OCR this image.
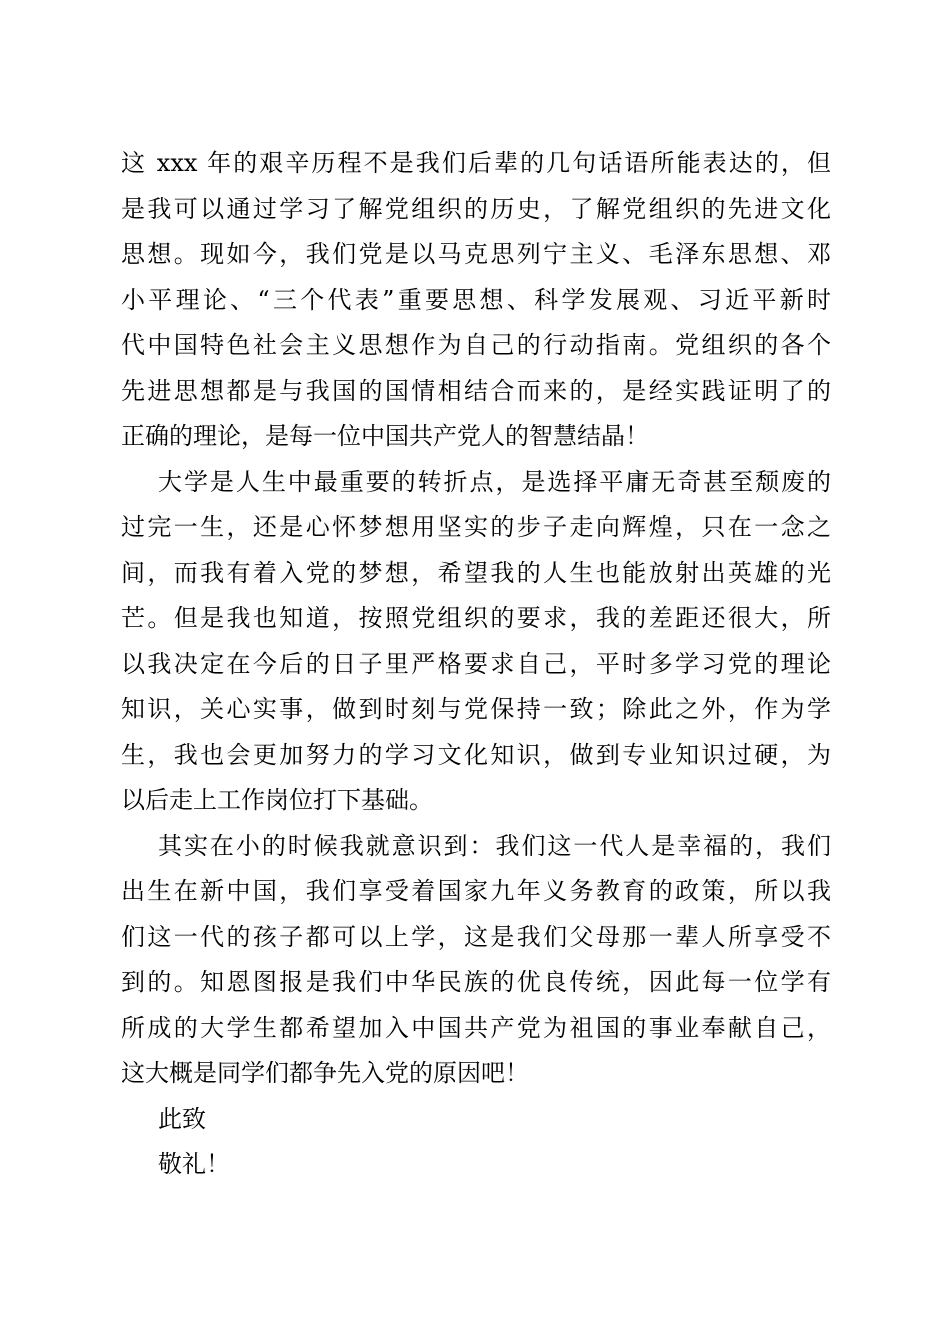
这 xxx 年的艰辛历程不是我们后辈的几句话语所能表达的，但
是我可以通过学习了解党组织的历史，了解党组织的先进文化
思想。现如今，我们党是以马克思列宁主义、毛泽东思想、邓
小平理论、“三个代表”重要思想、科学发展观、习近平新时
代中国特色社会主义思想作为自己的行动指南。党组织的各个
先进思想都是与我国的国情相结合而来的，是经实践证明了的
正确的理论，是每一位中国共产党人的智慧结晶！
大学是人生中最重要的转折点，是选择平庸无奇甚至颓废的
过完一生，还是心怀梦想用坚实的步子走向辉煌，只在一念之
间，而我有着入党的梦想，希望我的人生也能放射出英雄的光
芒。但是我也知道，按照党组织的要求，我的差距还很大，所
以我决定在今后的日子里严格要求自己，平时多学习党的理论
知识，关心实事，做到时刻与党保持一致；除此之外，作为学
生，我也会更加努力的学习文化知识，做到专业知识过硬，为
以后走上工作岗位打下基础。
其实在小的时候我就意识到：我们这一代人是幸福的，我们
出生在新中国，我们享受着国家九年义务教育的政策，所以我
们这一代的孩子都可以上学，这是我们父母那一辈人所享受不
到的。知恩图报是我们中华民族的优良传统，因此每一位学有
所成的大学生都希望加入中国共产党为祖国的事业奉献自己，
这大概是同学们都争先入党的原因吧！
此致
敬礼！
